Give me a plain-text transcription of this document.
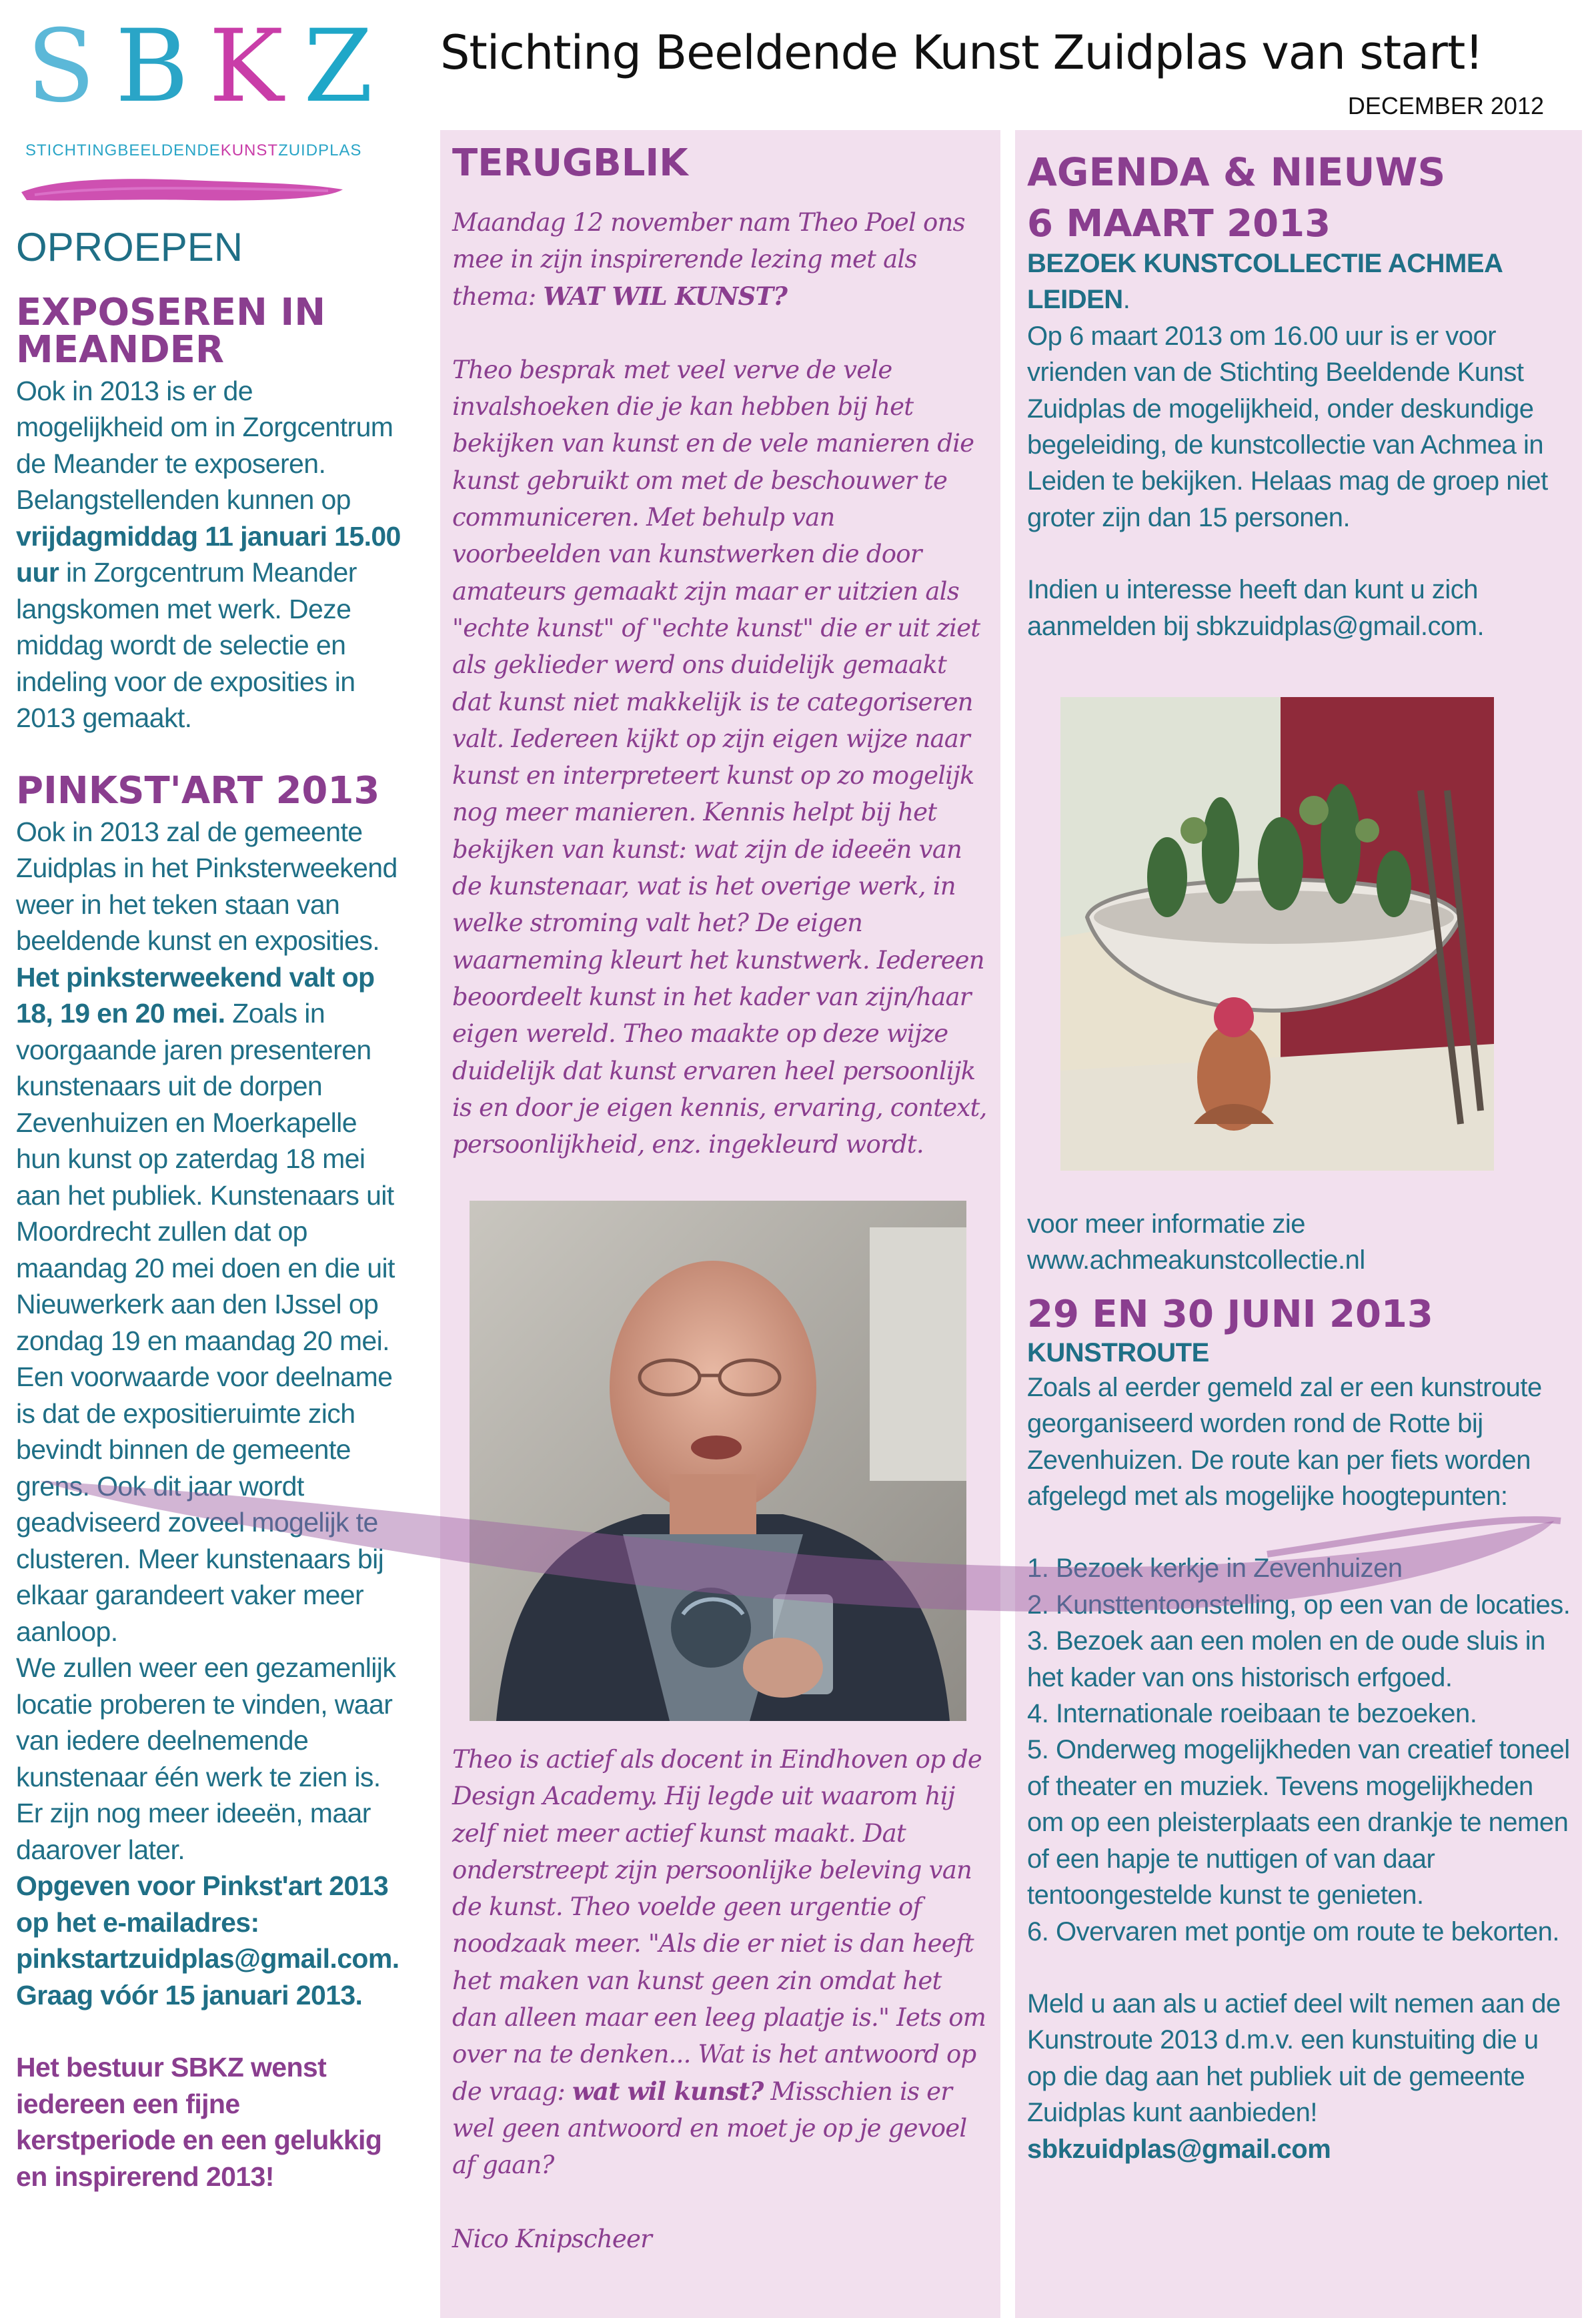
SBKZ
STICHTINGBEELDENDEKUNSTZUIDPLAS
Stichting Beeldende Kunst Zuidplas van start!
DECEMBER 2012
OPROEPEN
EXPOSEREN IN MEANDER

Ook in 2013 is er de mogelijkheid om in Zorgcentrum de Meander te exposeren. Belangstellenden kunnen op vrijdagmiddag 11 januari 15.00 uur in Zorgcentrum Meander langskomen met werk. Deze middag wordt de selectie en indeling voor de exposities in 2013 gemaakt.

PINKST'ART 2013

Ook in 2013 zal de gemeente Zuidplas in het Pinksterweekend weer in het teken staan van beeldende kunst en exposities. Het pinksterweekend valt op 18, 19 en 20 mei. Zoals in voorgaande jaren presenteren kunstenaars uit de dorpen Zevenhuizen en Moerkapelle hun kunst op zaterdag 18 mei aan het publiek. Kunstenaars uit Moordrecht zullen dat op maandag 20 mei doen en die uit Nieuwerkerk aan den IJssel op zondag 19 en maandag 20 mei. Een voorwaarde voor deelname is dat de expositieruimte zich bevindt binnen de gemeente grens. Ook dit jaar wordt geadviseerd zoveel mogelijk te clusteren. Meer kunstenaars bij elkaar garandeert vaker meer aanloop.

We zullen weer een gezamenlijk locatie proberen te vinden, waar van iedere deelnemende kunstenaar één werk te zien is. Er zijn nog meer ideeën, maar daarover later.

Opgeven voor Pinkst'art 2013 op het e-mailadres: pinkstartzuidplas@gmail.com. Graag vóór 15 januari 2013.

Het bestuur SBKZ wenst iedereen een fijne kerstperiode en een gelukkig en inspirerend 2013!

TERUGBLIK

Maandag 12 november nam Theo Poel ons mee in zijn inspirerende lezing met als thema: WAT WIL KUNST?

Theo besprak met veel verve de vele invalshoeken die je kan hebben bij het bekijken van kunst en de vele manieren die kunst gebruikt om met de beschouwer te communiceren. Met behulp van voorbeelden van kunstwerken die door amateurs gemaakt zijn maar er uitzien als "echte kunst" of "echte kunst" die er uit ziet als geklieder werd ons duidelijk gemaakt dat kunst niet makkelijk is te categoriseren valt. Iedereen kijkt op zijn eigen wijze naar kunst en interpreteert kunst op zo mogelijk nog meer manieren. Kennis helpt bij het bekijken van kunst: wat zijn de ideeën van de kunstenaar, wat is het overige werk, in welke stroming valt het? De eigen waarneming kleurt het kunstwerk. Iedereen beoordeelt kunst in het kader van zijn/haar eigen wereld. Theo maakte op deze wijze duidelijk dat kunst ervaren heel persoonlijk is en door je eigen kennis, ervaring, context, persoonlijkheid, enz. ingekleurd wordt.

Theo is actief als docent in Eindhoven op de Design Academy. Hij legde uit waarom hij zelf niet meer actief kunst maakt. Dat onderstreept zijn persoonlijke beleving van de kunst. Theo voelde geen urgentie of noodzaak meer. "Als die er niet is dan heeft het maken van kunst geen zin omdat het dan alleen maar een leeg plaatje is." Iets om over na te denken... Wat is het antwoord op de vraag: wat wil kunst? Misschien is er wel geen antwoord en moet je op je gevoel af gaan?

Nico Knipscheer

AGENDA & NIEUWS
6 MAART 2013

BEZOEK KUNSTCOLLECTIE ACHMEA LEIDEN.

Op 6 maart 2013 om 16.00 uur is er voor vrienden van de Stichting Beeldende Kunst Zuidplas de mogelijkheid, onder deskundige begeleiding, de kunstcollectie van Achmea in Leiden te bekijken. Helaas mag de groep niet groter zijn dan 15 personen.

Indien u interesse heeft dan kunt u zich aanmelden bij sbkzuidplas@gmail.com.

voor meer informatie zie www.achmeakunstcollectie.nl

29 EN 30 JUNI 2013

KUNSTROUTE

Zoals al eerder gemeld zal er een kunstroute georganiseerd worden rond de Rotte bij Zevenhuizen. De route kan per fiets worden afgelegd met als mogelijke hoogtepunten:

1. Bezoek kerkje in Zevenhuizen

2. Kunsttentoonstelling, op een van de locaties.

3. Bezoek aan een molen en de oude sluis in het kader van ons historisch erfgoed.

4. Internationale roeibaan te bezoeken.

5. Onderweg mogelijkheden van creatief toneel of theater en muziek. Tevens mogelijkheden om op een pleisterplaats een drankje te nemen of een hapje te nuttigen of van daar tentoongestelde kunst te genieten.

6. Overvaren met pontje om route te bekorten.

Meld u aan als u actief deel wilt nemen aan de Kunstroute 2013 d.m.v. een kunstuiting die u op die dag aan het publiek uit de gemeente Zuidplas kunt aanbieden!

sbkzuidplas@gmail.com
